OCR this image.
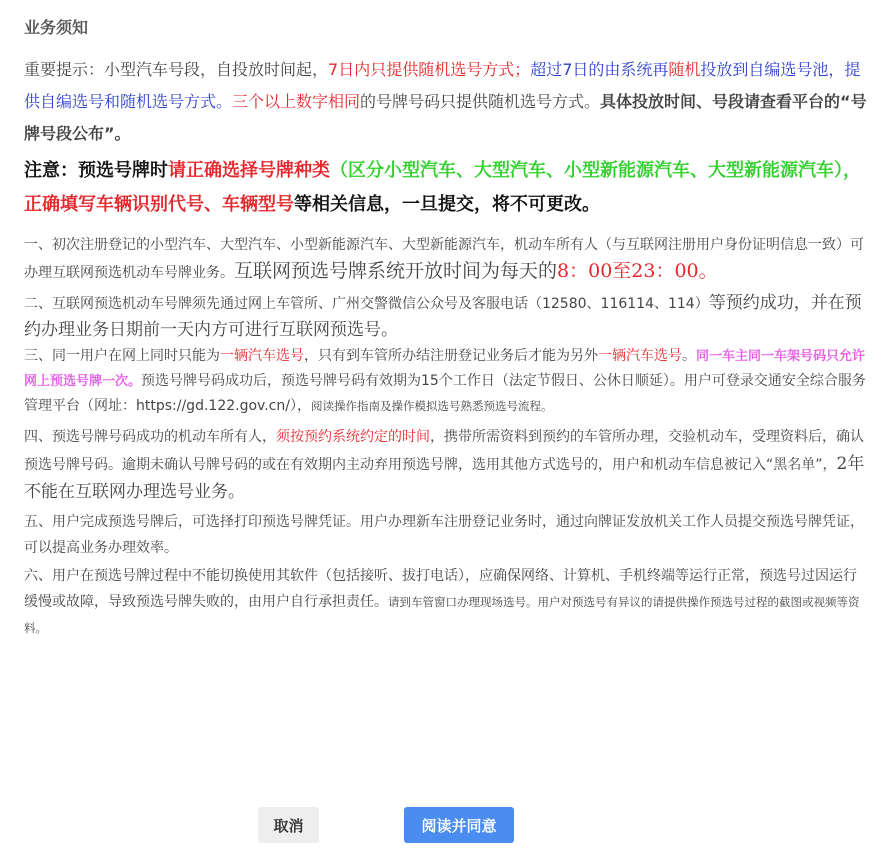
业务须知

重要提示：小型汽车号段，自投放时间起，7日内只提供随机选号方式；超过7日的由系统再随机投放到自编选号池，提供自编选号和随机选号方式。三个以上数字相同的号牌号码只提供随机选号方式。具体投放时间、号段请查看平台的“号牌号段公布”。

注意：预选号牌时请正确选择号牌种类（区分小型汽车、大型汽车、小型新能源汽车、大型新能源汽车），正确填写车辆识别代号、车辆型号等相关信息，一旦提交，将不可更改。

一、初次注册登记的小型汽车、大型汽车、小型新能源汽车、大型新能源汽车，机动车所有人（与互联网注册用户身份证明信息一致）可办理互联网预选机动车号牌业务。互联网预选号牌系统开放时间为每天的8：00至23：00。

二、互联网预选机动车号牌须先通过网上车管所、广州交警微信公众号及客服电话（12580、116114、114）等预约成功，并在预约办理业务日期前一天内方可进行互联网预选号。

三、同一用户在网上同时只能为一辆汽车选号，只有到车管所办结注册登记业务后才能为另外一辆汽车选号。同一车主同一车架号码只允许网上预选号牌一次。预选号牌号码成功后，预选号牌号码有效期为15个工作日（法定节假日、公休日顺延）。用户可登录交通安全综合服务管理平台（网址：https://gd.122.gov.cn/），阅读操作指南及操作模拟选号熟悉预选号流程。

四、预选号牌号码成功的机动车所有人，须按预约系统约定的时间，携带所需资料到预约的车管所办理，交验机动车，受理资料后，确认预选号牌号码。逾期未确认号牌号码的或在有效期内主动弃用预选号牌，选用其他方式选号的，用户和机动车信息被记入“黑名单”，2年不能在互联网办理选号业务。

五、用户完成预选号牌后，可选择打印预选号牌凭证。用户办理新车注册登记业务时，通过向牌证发放机关工作人员提交预选号牌凭证，可以提高业务办理效率。

六、用户在预选号牌过程中不能切换使用其软件（包括接听、拔打电话），应确保网络、计算机、手机终端等运行正常，预选号过因运行缓慢或故障，导致预选号牌失败的，由用户自行承担责任。请到车管窗口办理现场选号。用户对预选号有异议的请提供操作预选号过程的截图或视频等资料。

取消	阅读并同意
